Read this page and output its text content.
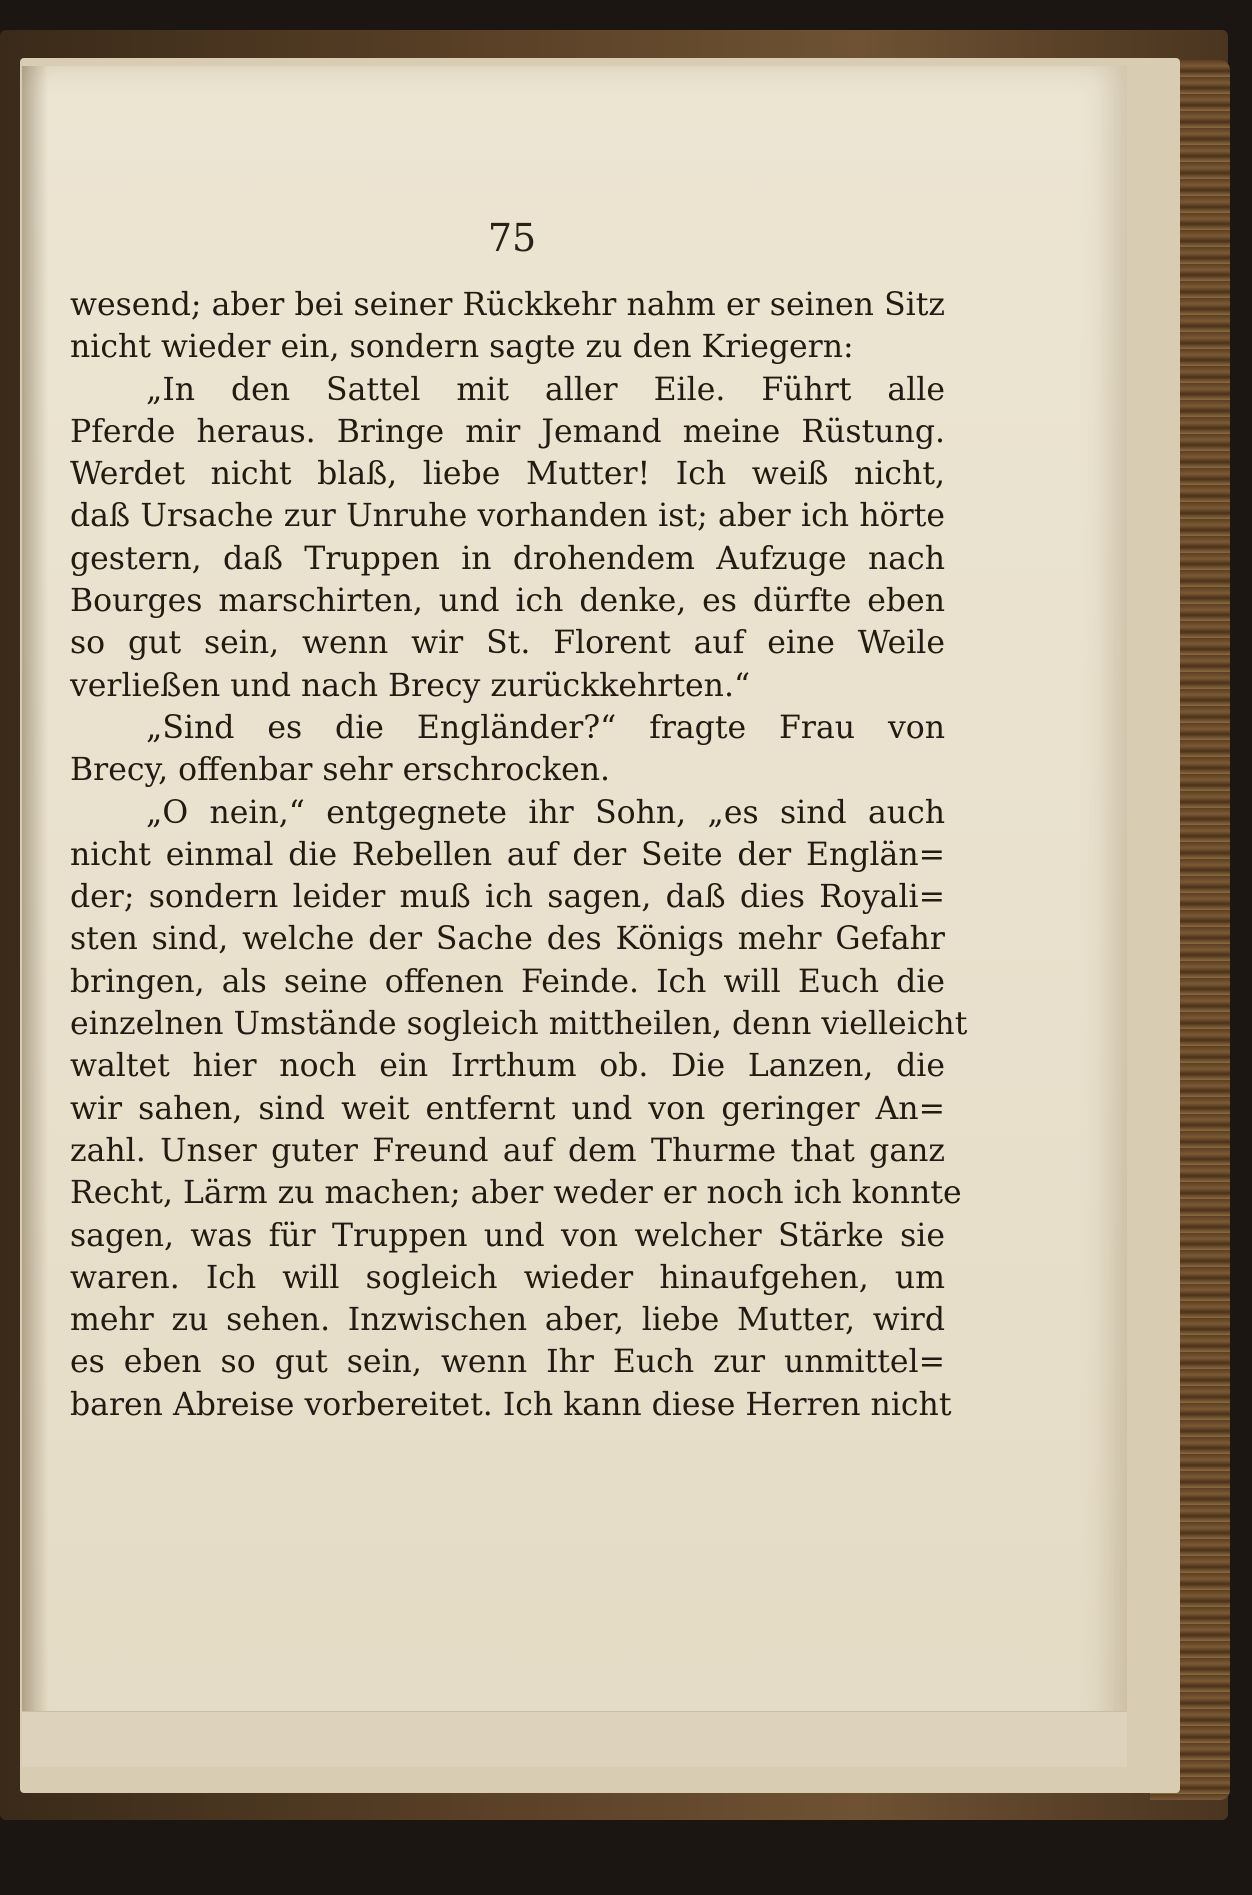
75
wesend; aber bei seiner Rückkehr nahm er seinen Sitz
nicht wieder ein, sondern sagte zu den Kriegern:
„In den Sattel mit aller Eile. Führt alle
Pferde heraus. Bringe mir Jemand meine Rüstung.
Werdet nicht blaß, liebe Mutter! Ich weiß nicht,
daß Ursache zur Unruhe vorhanden ist; aber ich hörte
gestern, daß Truppen in drohendem Aufzuge nach
Bourges marschirten, und ich denke, es dürfte eben
so gut sein, wenn wir St. Florent auf eine Weile
verließen und nach Brecy zurückkehrten.“
„Sind es die Engländer?“ fragte Frau von
Brecy, offenbar sehr erschrocken.
„O nein,“ entgegnete ihr Sohn, „es sind auch
nicht einmal die Rebellen auf der Seite der Englän=
der; sondern leider muß ich sagen, daß dies Royali=
sten sind, welche der Sache des Königs mehr Gefahr
bringen, als seine offenen Feinde. Ich will Euch die
einzelnen Umstände sogleich mittheilen, denn vielleicht
waltet hier noch ein Irrthum ob. Die Lanzen, die
wir sahen, sind weit entfernt und von geringer An=
zahl. Unser guter Freund auf dem Thurme that ganz
Recht, Lärm zu machen; aber weder er noch ich konnte
sagen, was für Truppen und von welcher Stärke sie
waren. Ich will sogleich wieder hinaufgehen, um
mehr zu sehen. Inzwischen aber, liebe Mutter, wird
es eben so gut sein, wenn Ihr Euch zur unmittel=
baren Abreise vorbereitet. Ich kann diese Herren nicht
